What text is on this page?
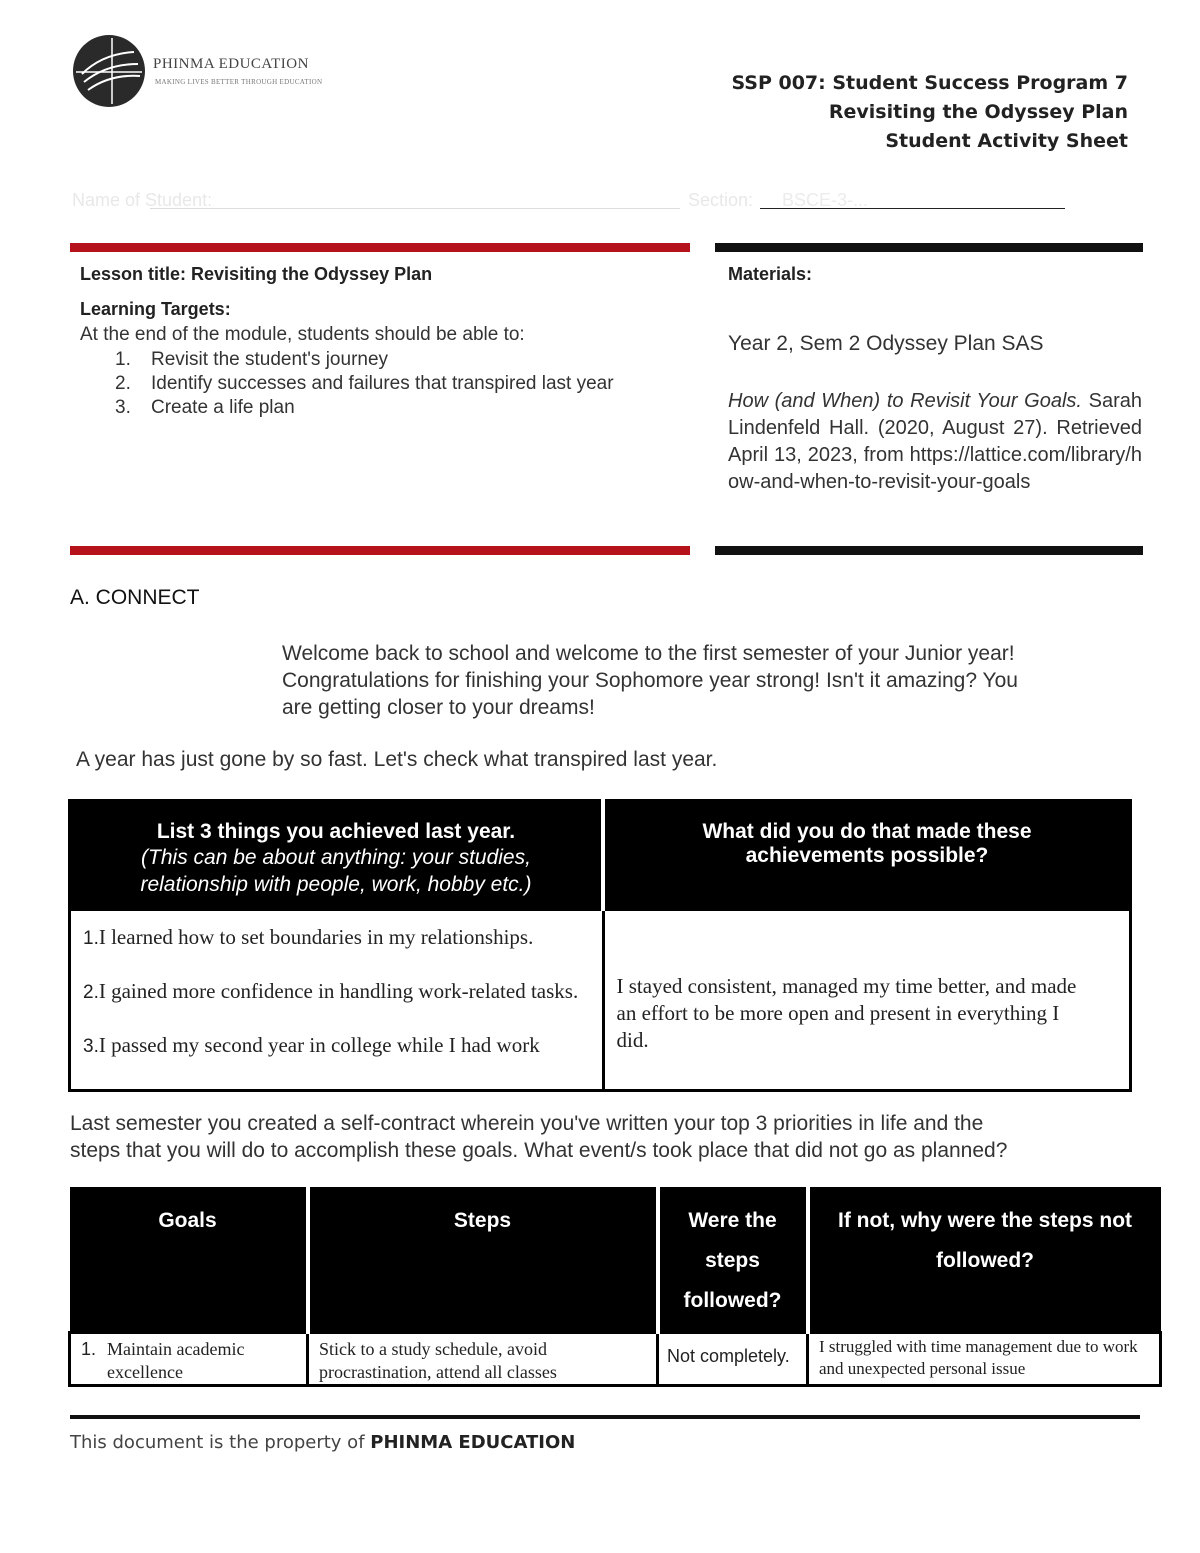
PHINMA EDUCATION
MAKING LIVES BETTER THROUGH EDUCATION	SSP 007: Student Success Program 7
Revisiting the Odyssey Plan
Student Activity Sheet
Name of Student:	Section: BSCE-3-...
Lesson title: Revisiting the Odyssey Plan
Learning Targets:
At the end of the module, students should be able to:
1. Revisit the student's journey
2. Identify successes and failures that transpired last year
3. Create a life plan
Materials:
Year 2, Sem 2 Odyssey Plan SAS
How (and When) to Revisit Your Goals. Sarah Lindenfeld Hall. (2020, August 27). Retrieved April 13, 2023, from https://lattice.com/library/how-and-when-to-revisit-your-goals
A. CONNECT
Welcome back to school and welcome to the first semester of your Junior year!
Congratulations for finishing your Sophomore year strong! Isn't it amazing? You
are getting closer to your dreams!
A year has just gone by so fast. Let's check what transpired last year.
List 3 things you achieved last year.
(This can be about anything: your studies, relationship with people, work, hobby etc.)	What did you do that made these achievements possible?

1.I learned how to set boundaries in my relationships.
2.I gained more confidence in handling work-related tasks.
3.I passed my second year in college while I had work	I stayed consistent, managed my time better, and made an effort to be more open and present in everything I did.
Last semester you created a self-contract wherein you've written your top 3 priorities in life and the
steps that you will do to accomplish these goals. What event/s took place that did not go as planned?
Goals	Steps	Were the steps followed?	If not, why were the steps not followed?
1. Maintain academic excellence	Stick to a study schedule, avoid procrastination, attend all classes	Not completely.	I struggled with time management due to work and unexpected personal issue
This document is the property of PHINMA EDUCATION
